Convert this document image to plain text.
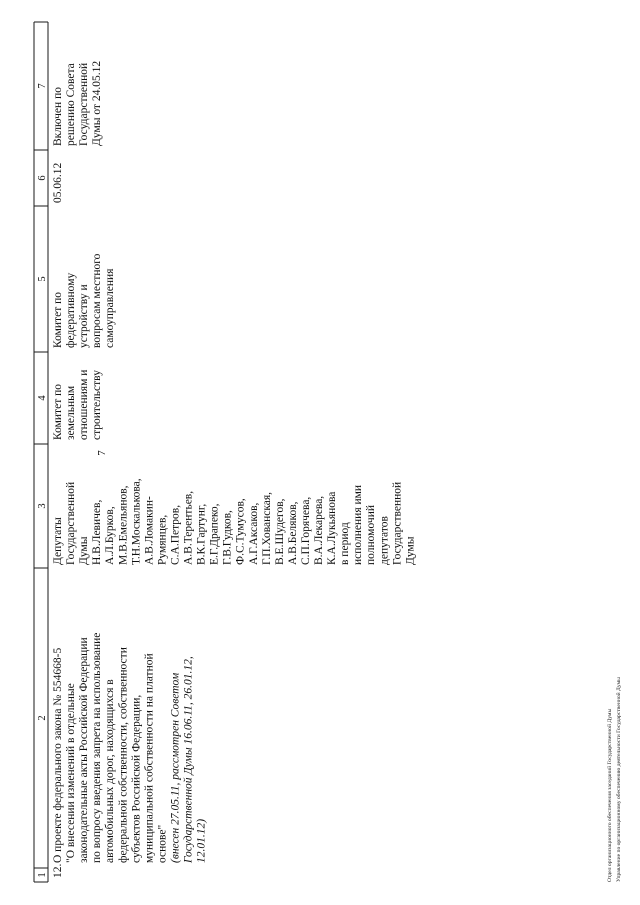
7
1
2
3
4
5
6
7
12.
О проекте федерального закона № 554668-5 "О внесении изменений в отдельные законодательные акты Российской Федерации по вопросу введения запрета на использование автомобильных дорог, находящихся в федеральной собственности, собственности субъектов Российской Федерации, муниципальной собственности на платной основе" (внесен 27.05.11, рассмотрен Советом Государственной Думы 16.06.11, 26.01.12, 12.01.12)
Депутаты Государственной Думы Н.В.Левичев, А.Л.Бурков, М.В.Емельянов, Т.Н.Москалькова, А.В.Ломакин- Румянцев, С.А.Петров, А.В.Терентьев, В.К.Гартунг, Е.Г.Драпеко, Г.В.Гудков, Ф.С.Тумусов, А.Г.Аксаков, Г.П.Хованская, В.Е.Шудегов, А.В.Беляков, С.П.Горячева, В.А.Лекарева, К.А.Лукьянова в период исполнения ими полномочий депутатов Государственной Думы
Комитет по земельным отношениям и строительству
Комитет по федеративному устройству и вопросам местного самоуправления
05.06.12
Включен по решению Совета Государственной Думы от 24.05.12
Отдел организационного обеспечения заседаний Государственной Думы Управление по организационному обеспечению деятельности Государственной Думы
